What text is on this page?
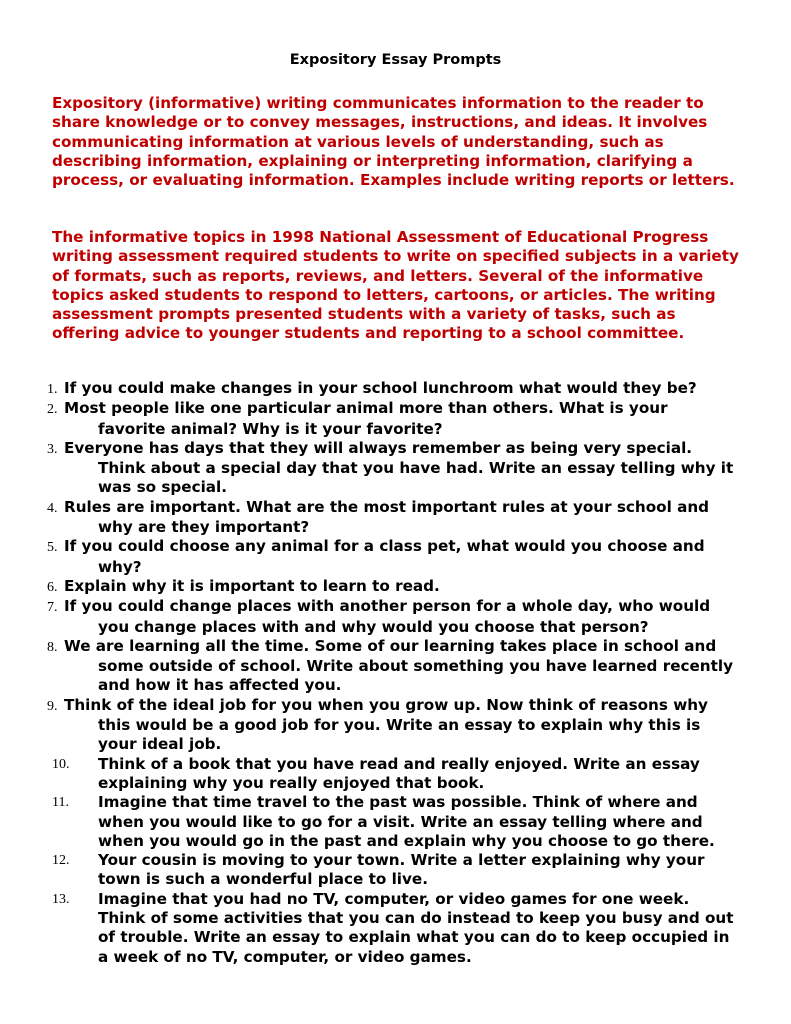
Expository Essay Prompts

Expository (informative) writing communicates information to the reader to share knowledge or to convey messages, instructions, and ideas. It involves communicating information at various levels of understanding, such as describing information, explaining or interpreting information, clarifying a process, or evaluating information. Examples include writing reports or letters.

The informative topics in 1998 National Assessment of Educational Progress writing assessment required students to write on specified subjects in a variety of formats, such as reports, reviews, and letters. Several of the informative topics asked students to respond to letters, cartoons, or articles. The writing assessment prompts presented students with a variety of tasks, such as offering advice to younger students and reporting to a school committee.

1. If you could make changes in your school lunchroom what would they be?
2. Most people like one particular animal more than others. What is your favorite animal? Why is it your favorite?
3. Everyone has days that they will always remember as being very special. Think about a special day that you have had. Write an essay telling why it was so special.
4. Rules are important. What are the most important rules at your school and why are they important?
5. If you could choose any animal for a class pet, what would you choose and why?
6. Explain why it is important to learn to read.
7. If you could change places with another person for a whole day, who would you change places with and why would you choose that person?
8. We are learning all the time. Some of our learning takes place in school and some outside of school. Write about something you have learned recently and how it has affected you.
9. Think of the ideal job for you when you grow up. Now think of reasons why this would be a good job for you. Write an essay to explain why this is your ideal job.
10. Think of a book that you have read and really enjoyed. Write an essay explaining why you really enjoyed that book.
11. Imagine that time travel to the past was possible. Think of where and when you would like to go for a visit. Write an essay telling where and when you would go in the past and explain why you choose to go there.
12. Your cousin is moving to your town. Write a letter explaining why your town is such a wonderful place to live.
13. Imagine that you had no TV, computer, or video games for one week. Think of some activities that you can do instead to keep you busy and out of trouble. Write an essay to explain what you can do to keep occupied in a week of no TV, computer, or video games.
